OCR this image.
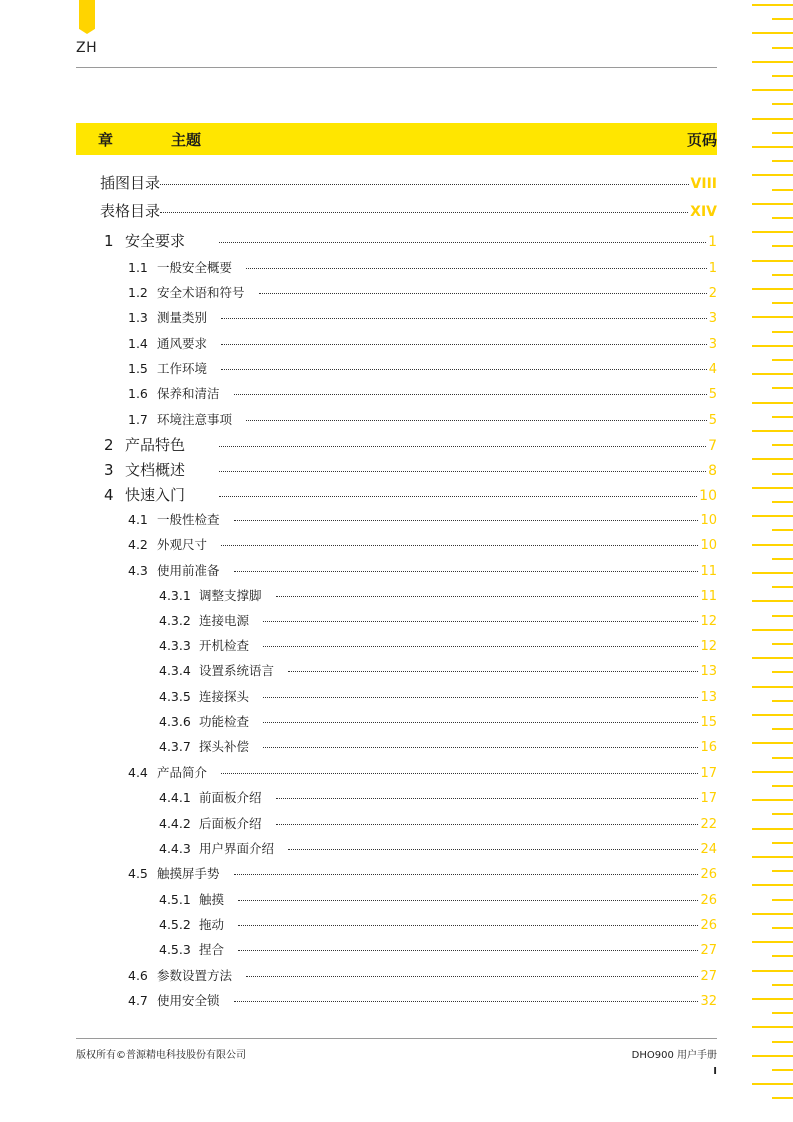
ZH
章	主题	页码
插图目录	VIII
表格目录	XIV
1 安全要求	1
1.1 一般安全概要	1
1.2 安全术语和符号	2
1.3 测量类别	3
1.4 通风要求	3
1.5 工作环境	4
1.6 保养和清洁	5
1.7 环境注意事项	5
2 产品特色	7
3 文档概述	8
4 快速入门	10
4.1 一般性检查	10
4.2 外观尺寸	10
4.3 使用前准备	11
4.3.1 调整支撑脚	11
4.3.2 连接电源	12
4.3.3 开机检查	12
4.3.4 设置系统语言	13
4.3.5 连接探头	13
4.3.6 功能检查	15
4.3.7 探头补偿	16
4.4 产品简介	17
4.4.1 前面板介绍	17
4.4.2 后面板介绍	22
4.4.3 用户界面介绍	24
4.5 触摸屏手势	26
4.5.1 触摸	26
4.5.2 拖动	26
4.5.3 捏合	27
4.6 参数设置方法	27
4.7 使用安全锁	32
版权所有©普源精电科技股份有限公司	DHO900 用户手册
I
